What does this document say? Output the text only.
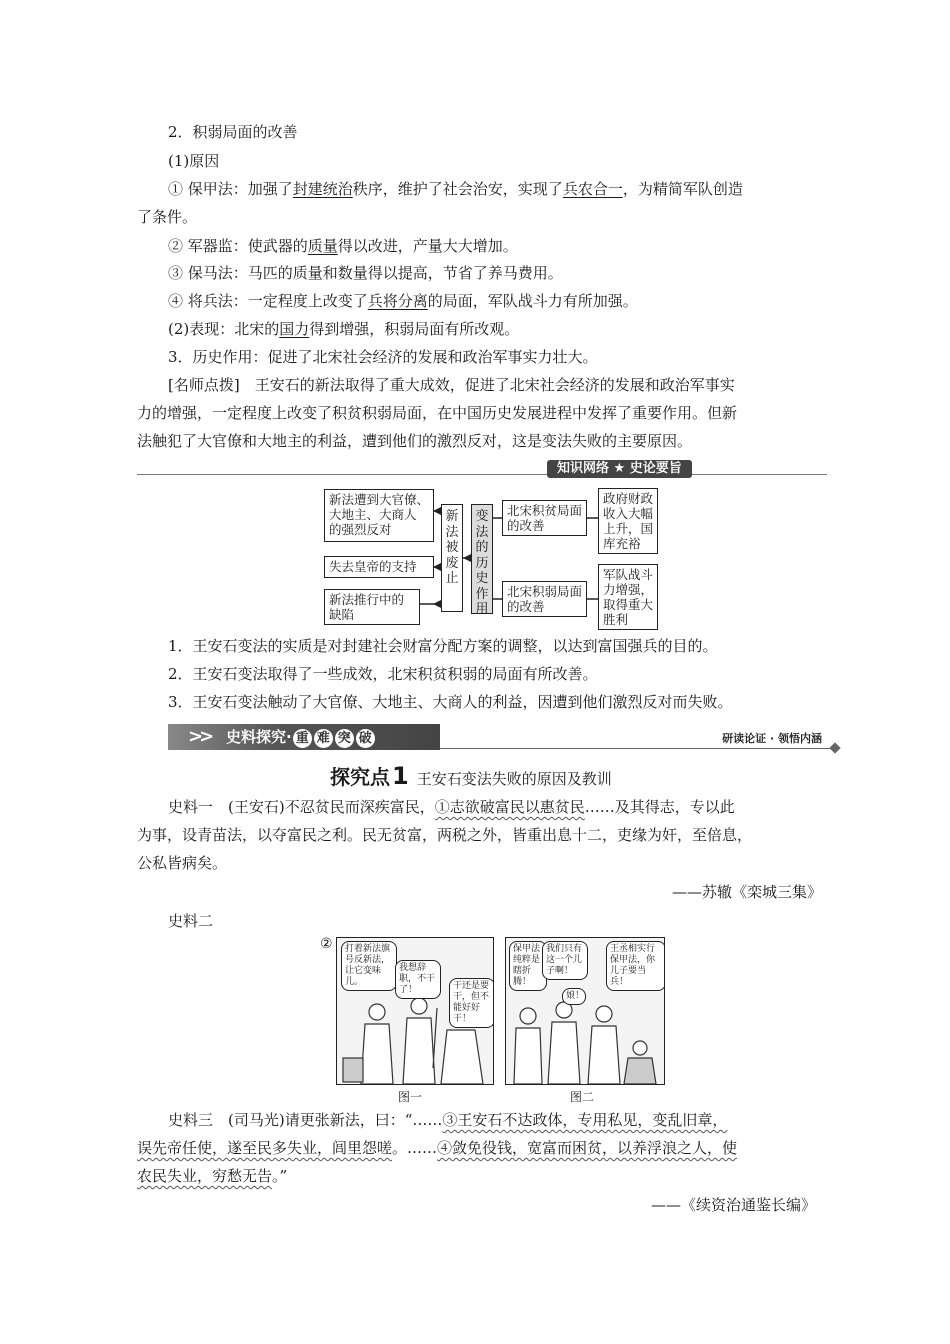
2．积弱局面的改善
(1)原因
① 保甲法：加强了封建统治秩序，维护了社会治安，实现了兵农合一，为精简军队创造
了条件。
② 军器监：使武器的质量得以改进，产量大大增加。
③ 保马法：马匹的质量和数量得以提高，节省了养马费用。
④ 将兵法：一定程度上改变了兵将分离的局面，军队战斗力有所加强。
(2)表现：北宋的国力得到增强，积弱局面有所改观。
3．历史作用：促进了北宋社会经济的发展和政治军事实力壮大。
[名师点拨]　王安石的新法取得了重大成效，促进了北宋社会经济的发展和政治军事实
力的增强，一定程度上改变了积贫积弱局面，在中国历史发展进程中发挥了重要作用。但新
法触犯了大官僚和大地主的利益，遭到他们的激烈反对，这是变法失败的主要原因。
知识网络 ★ 史论要旨
新法遭到大官僚、
大地主、大商人
的强烈反对
失去皇帝的支持
新法推行中的
缺陷
新
法
被
废
止
变
法
的
历
史
作
用
北宋积贫局面
的改善
北宋积弱局面
的改善
政府财政
收入大幅
上升，国
库充裕
军队战斗
力增强，
取得重大
胜利
1．王安石变法的实质是对封建社会财富分配方案的调整，以达到富国强兵的目的。
2．王安石变法取得了一些成效，北宋积贫积弱的局面有所改善。
3．王安石变法触动了大官僚、大地主、大商人的利益，因遭到他们激烈反对而失败。
>> 史料探究· 重 难 突 破	研读论证 · 领悟内涵
探究点1 王安石变法失败的原因及教训
史料一　(王安石)不忍贫民而深疾富民，①志欲破富民以惠贫民……及其得志，专以此
为事，设青苗法，以夺富民之利。民无贫富，两税之外，皆重出息十二，吏缘为奸，至倍息，
公私皆病矣。
——苏辙《栾城三集》
史料二
②	打着新法旗号反新法，让它变味儿。
我想辞职，不干了！	干还是要干，但不能好好干！
保甲法纯粹是瞎折腾！
我们只有这一个儿子啊！
王丞相实行保甲法，你儿子要当兵！
娘！
图一	图二
史料三　(司马光)请更张新法，曰：“……③王安石不达政体，专用私见，变乱旧章，
误先帝任使，遂至民多失业，闾里怨嗟。……④敛免役钱，宽富而困贫，以养浮浪之人，使
农民失业，穷愁无告。”
——《续资治通鉴长编》
